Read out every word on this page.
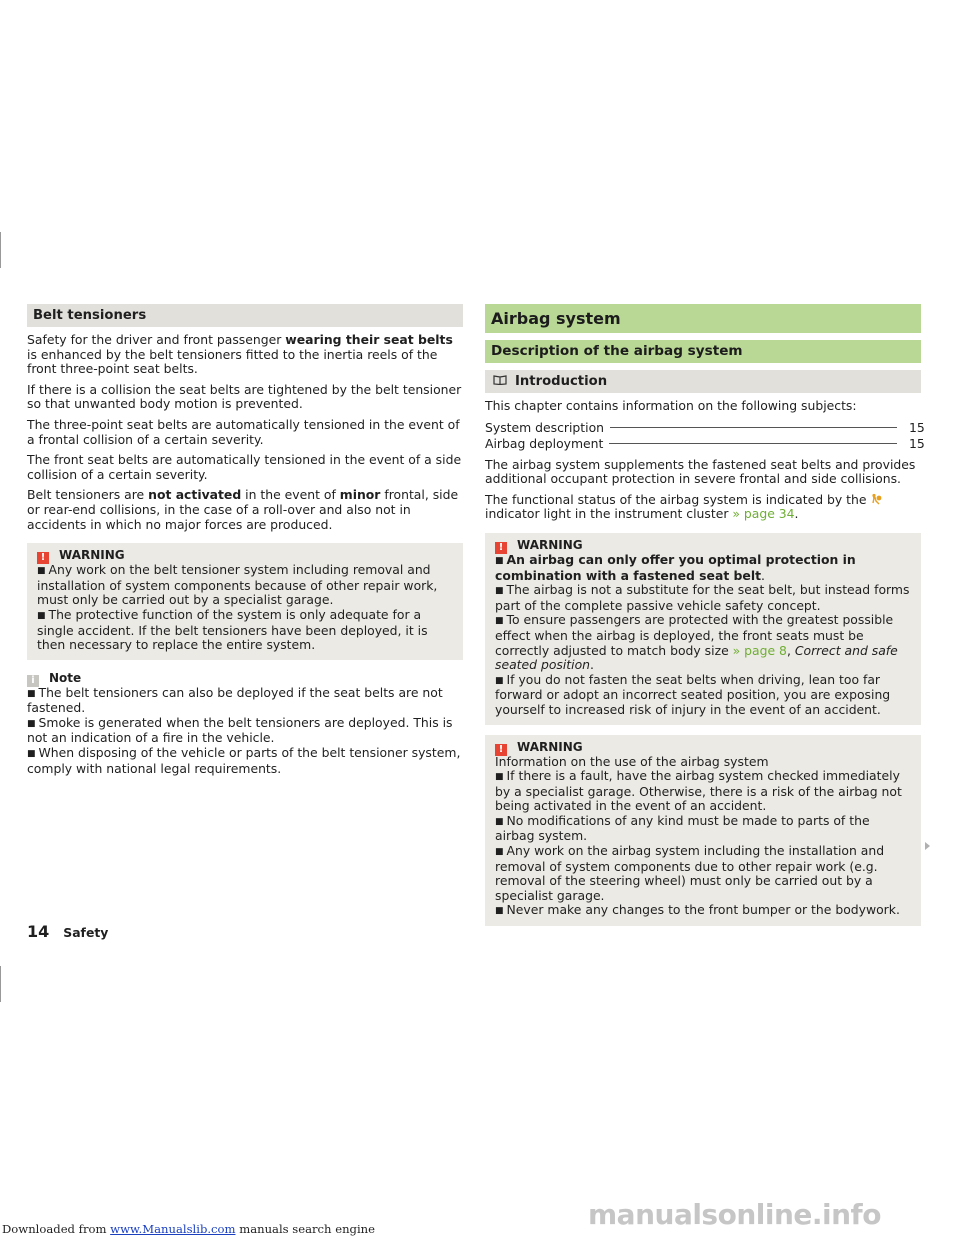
Belt tensioners

Safety for the driver and front passenger wearing their seat belts is enhanced by the belt tensioners fitted to the inertia reels of the front three-point seat belts.

If there is a collision the seat belts are tightened by the belt tensioner so that unwanted body motion is prevented.

The three-point seat belts are automatically tensioned in the event of a frontal collision of a certain severity.

The front seat belts are automatically tensioned in the event of a side collision of a certain severity.

Belt tensioners are not activated in the event of minor frontal, side or rear-end collisions, in the case of a roll-over and also not in accidents in which no major forces are produced.

! WARNING

■ Any work on the belt tensioner system including removal and installation of system components because of other repair work, must only be carried out by a specialist garage.

■ The protective function of the system is only adequate for a single accident. If the belt tensioners have been deployed, it is then necessary to replace the entire system.

i Note

■ The belt tensioners can also be deployed if the seat belts are not fastened.

■ Smoke is generated when the belt tensioners are deployed. This is not an indication of a fire in the vehicle.

■ When disposing of the vehicle or parts of the belt tensioner system, comply with national legal requirements.

Airbag system
Description of the airbag system
Introduction

This chapter contains information on the following subjects:

System description	15
Airbag deployment	15

The airbag system supplements the fastened seat belts and provides additional occupant protection in severe frontal and side collisions.

The functional status of the airbag system is indicated by the  indicator light in the instrument cluster » page 34.

! WARNING

■ An airbag can only offer you optimal protection in combination with a fastened seat belt.

■ The airbag is not a substitute for the seat belt, but instead forms part of the complete passive vehicle safety concept.

■ To ensure passengers are protected with the greatest possible effect when the airbag is deployed, the front seats must be correctly adjusted to match body size » page 8, Correct and safe seated position.

■ If you do not fasten the seat belts when driving, lean too far forward or adopt an incorrect seated position, you are exposing yourself to increased risk of injury in the event of an accident.

! WARNING

Information on the use of the airbag system

■ If there is a fault, have the airbag system checked immediately by a specialist garage. Otherwise, there is a risk of the airbag not being activated in the event of an accident.

■ No modifications of any kind must be made to parts of the airbag system.

■ Any work on the airbag system including the installation and removal of system components due to other repair work (e.g. removal of the steering wheel) must only be carried out by a specialist garage.

■ Never make any changes to the front bumper or the bodywork.

14 Safety
Downloaded from www.Manualslib.com manuals search engine	manualsonline.info
